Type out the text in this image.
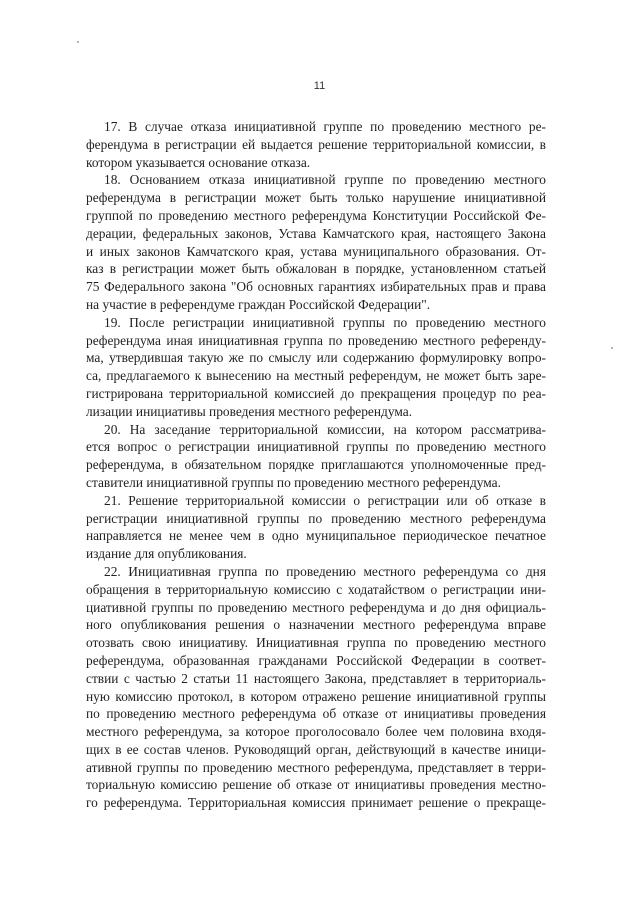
11
17. В случае отказа инициативной группе по проведению местного ре-
ферендума в регистрации ей выдается решение территориальной комиссии, в
котором указывается основание отказа.
18. Основанием отказа инициативной группе по проведению местного
референдума в регистрации может быть только нарушение инициативной
группой по проведению местного референдума Конституции Российской Фе-
дерации, федеральных законов, Устава Камчатского края, настоящего Закона
и иных законов Камчатского края, устава муниципального образования. От-
каз в регистрации может быть обжалован в порядке, установленном статьей
75 Федерального закона "Об основных гарантиях избирательных прав и права
на участие в референдуме граждан Российской Федерации".
19. После регистрации инициативной группы по проведению местного
референдума иная инициативная группа по проведению местного референду-
ма, утвердившая такую же по смыслу или содержанию формулировку вопро-
са, предлагаемого к вынесению на местный референдум, не может быть заре-
гистрирована территориальной комиссией до прекращения процедур по реа-
лизации инициативы проведения местного референдума.
20. На заседание территориальной комиссии, на котором рассматрива-
ется вопрос о регистрации инициативной группы по проведению местного
референдума, в обязательном порядке приглашаются уполномоченные пред-
ставители инициативной группы по проведению местного референдума.
21. Решение территориальной комиссии о регистрации или об отказе в
регистрации инициативной группы по проведению местного референдума
направляется не менее чем в одно муниципальное периодическое печатное
издание для опубликования.
22. Инициативная группа по проведению местного референдума со дня
обращения в территориальную комиссию с ходатайством о регистрации ини-
циативной группы по проведению местного референдума и до дня официаль-
ного опубликования решения о назначении местного референдума вправе
отозвать свою инициативу. Инициативная группа по проведению местного
референдума, образованная гражданами Российской Федерации в соответ-
ствии с частью 2 статьи 11 настоящего Закона, представляет в территориаль-
ную комиссию протокол, в котором отражено решение инициативной группы
по проведению местного референдума об отказе от инициативы проведения
местного референдума, за которое проголосовало более чем половина входя-
щих в ее состав членов. Руководящий орган, действующий в качестве иници-
ативной группы по проведению местного референдума, представляет в терри-
ториальную комиссию решение об отказе от инициативы проведения местно-
го референдума. Территориальная комиссия принимает решение о прекраще-
